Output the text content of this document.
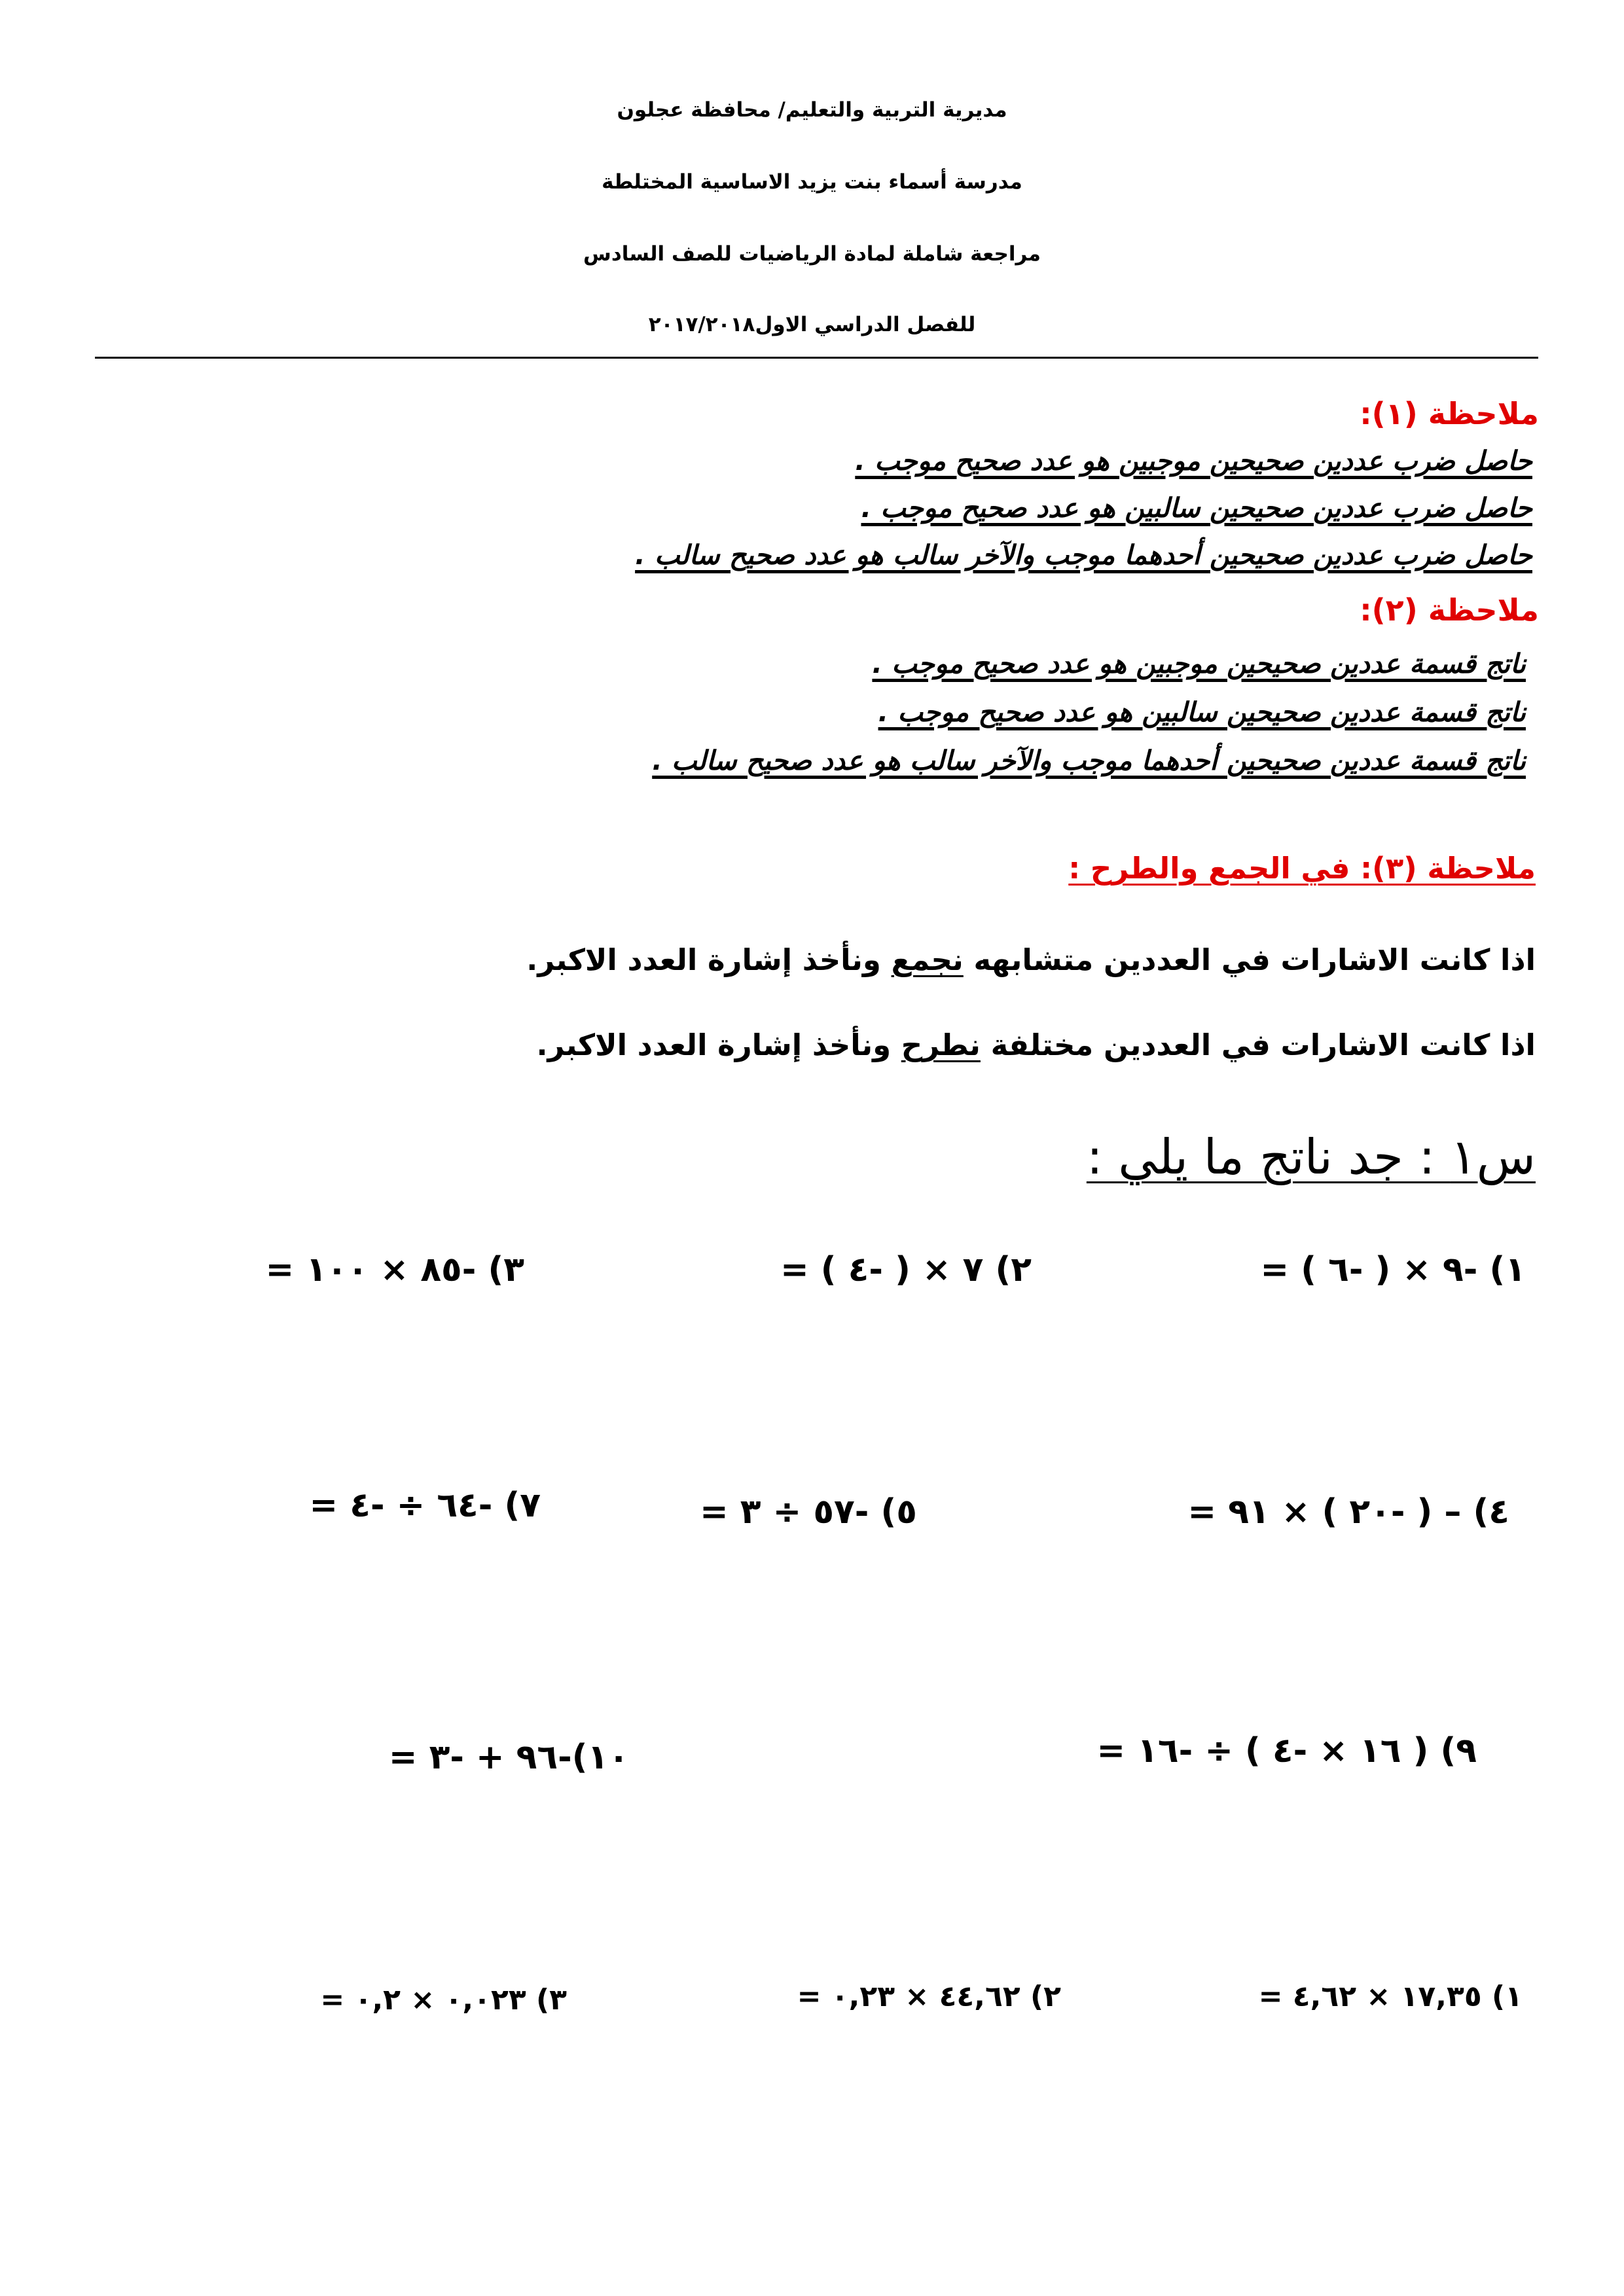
مديرية التربية والتعليم/ محافظة عجلون
مدرسة أسماء بنت يزيد الاساسية المختلطة
مراجعة شاملة لمادة الرياضيات للصف السادس
للفصل الدراسي الاول٢٠١٧/٢٠١٨
ملاحظة (١):
حاصل ضرب عددين صحيحين موجبين هو عدد صحيح موجب .
حاصل ضرب عددين صحيحين سالبين هو عدد صحيح موجب .
حاصل ضرب عددين صحيحين أحدهما موجب والآخر سالب هو عدد صحيح سالب .
ملاحظة (٢):
ناتج قسمة عددين صحيحين موجبين هو عدد صحيح موجب .
ناتج قسمة عددين صحيحين سالبين هو عدد صحيح موجب .
ناتج قسمة عددين صحيحين أحدهما موجب والآخر سالب هو عدد صحيح سالب .
ملاحظة (٣): في الجمع والطرح :
اذا كانت الاشارات في العددين متشابهه نجمع ونأخذ إشارة العدد الاكبر.
اذا كانت الاشارات في العددين مختلفة نطرح ونأخذ إشارة العدد الاكبر.
س١ : جد ناتج ما يلي :
١) -٩ × ( -٦ ) =
٢) ٧ × ( -٤ ) =
٣) -٨٥ × ١٠٠ =
٤) – ( -٢٠ ) × ٩١ =
٥) -٥٧ ÷ ٣ =
٧) -٦٤ ÷ -٤ =
٩) ( ١٦ × -٤ ) ÷ -١٦ =
١٠)-٩٦ + -٣ =
١) ١٧,٣٥ × ٤,٦٢ =
٢) ٤٤,٦٢ × ٠,٢٣ =
٣) ٠,٠٢٣ × ٠,٢ =
